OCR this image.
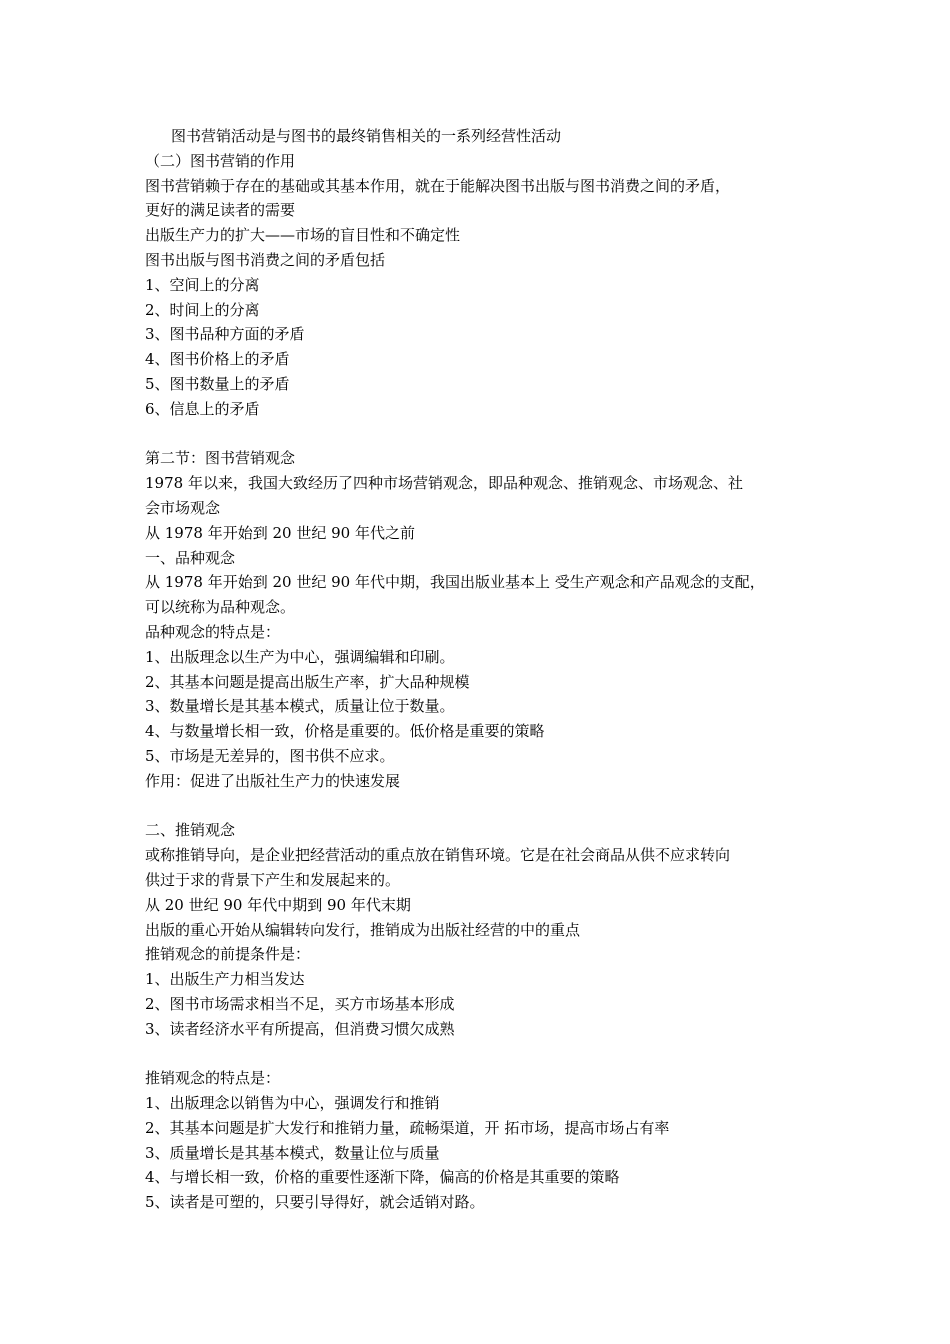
图书营销活动是与图书的最终销售相关的一系列经营性活动
（二）图书营销的作用
图书营销赖于存在的基础或其基本作用，就在于能解决图书出版与图书消费之间的矛盾，
更好的满足读者的需要
出版生产力的扩大——市场的盲目性和不确定性
图书出版与图书消费之间的矛盾包括
1、空间上的分离
2、时间上的分离
3、图书品种方面的矛盾
4、图书价格上的矛盾
5、图书数量上的矛盾
6、信息上的矛盾
第二节：图书营销观念
1978 年以来，我国大致经历了四种市场营销观念，即品种观念、推销观念、市场观念、社
会市场观念
从 1978 年开始到 20 世纪 90 年代之前
一、品种观念
从 1978 年开始到 20 世纪 90 年代中期，我国出版业基本上 受生产观念和产品观念的支配，
可以统称为品种观念。
品种观念的特点是：
1、出版理念以生产为中心，强调编辑和印刷。
2、其基本问题是提高出版生产率，扩大品种规模
3、数量增长是其基本模式，质量让位于数量。
4、与数量增长相一致，价格是重要的。低价格是重要的策略
5、市场是无差异的，图书供不应求。
作用：促进了出版社生产力的快速发展
二、推销观念
或称推销导向，是企业把经营活动的重点放在销售环境。它是在社会商品从供不应求转向
供过于求的背景下产生和发展起来的。
从 20 世纪 90 年代中期到 90 年代末期
出版的重心开始从编辑转向发行，推销成为出版社经营的中的重点
推销观念的前提条件是：
1、出版生产力相当发达
2、图书市场需求相当不足，买方市场基本形成
3、读者经济水平有所提高，但消费习惯欠成熟
推销观念的特点是：
1、出版理念以销售为中心，强调发行和推销
2、其基本问题是扩大发行和推销力量，疏畅渠道，开 拓市场，提高市场占有率
3、质量增长是其基本模式，数量让位与质量
4、与增长相一致，价格的重要性逐渐下降，偏高的价格是其重要的策略
5、读者是可塑的，只要引导得好，就会适销对路。
